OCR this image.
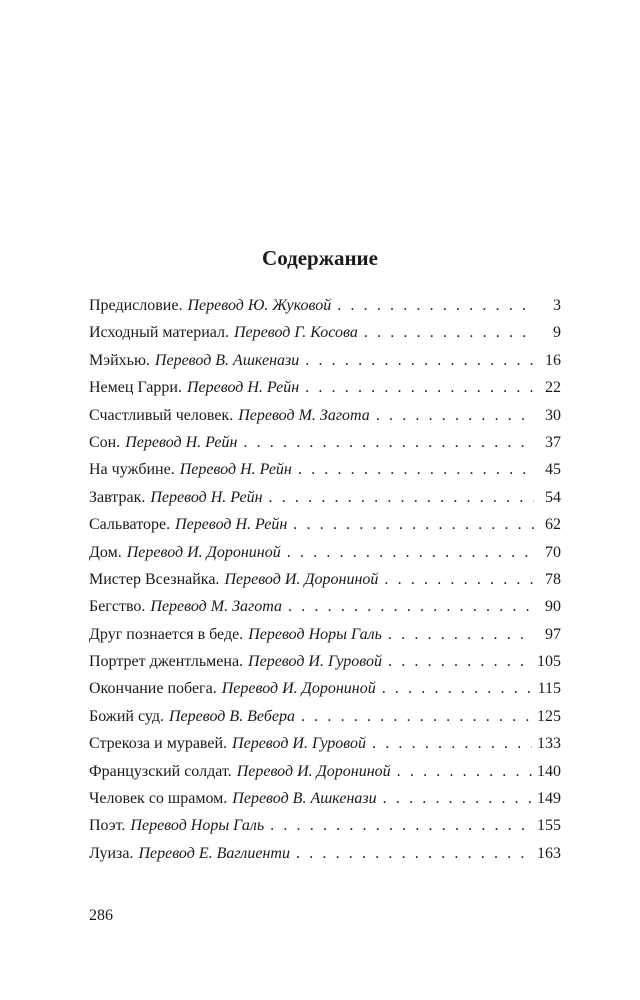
Содержание
Предисловие. Перевод Ю. Жуковой . . .	3
Исходный материал. Перевод Г. Косова . . .	9
Мэйхью. Перевод В. Ашкенази . . .	16
Немец Гарри. Перевод Н. Рейн . . .	22
Счастливый человек. Перевод М. Загота . . .	30
Сон. Перевод Н. Рейн . . .	37
На чужбине. Перевод Н. Рейн . . .	45
Завтрак. Перевод Н. Рейн . . .	54
Сальваторе. Перевод Н. Рейн . . .	62
Дом. Перевод И. Дорониной . . .	70
Мистер Всезнайка. Перевод И. Дорониной . . .	78
Бегство. Перевод М. Загота . . .	90
Друг познается в беде. Перевод Норы Галь . . .	97
Портрет джентльмена. Перевод И. Гуровой . . .	105
Окончание побега. Перевод И. Дорониной . . .	115
Божий суд. Перевод В. Вебера . . .	125
Стрекоза и муравей. Перевод И. Гуровой . . .	133
Французский солдат. Перевод И. Дорониной . . .	140
Человек со шрамом. Перевод В. Ашкенази . . .	149
Поэт. Перевод Норы Галь . . .	155
Луиза. Перевод Е. Ваглиенти . . .	163
286
